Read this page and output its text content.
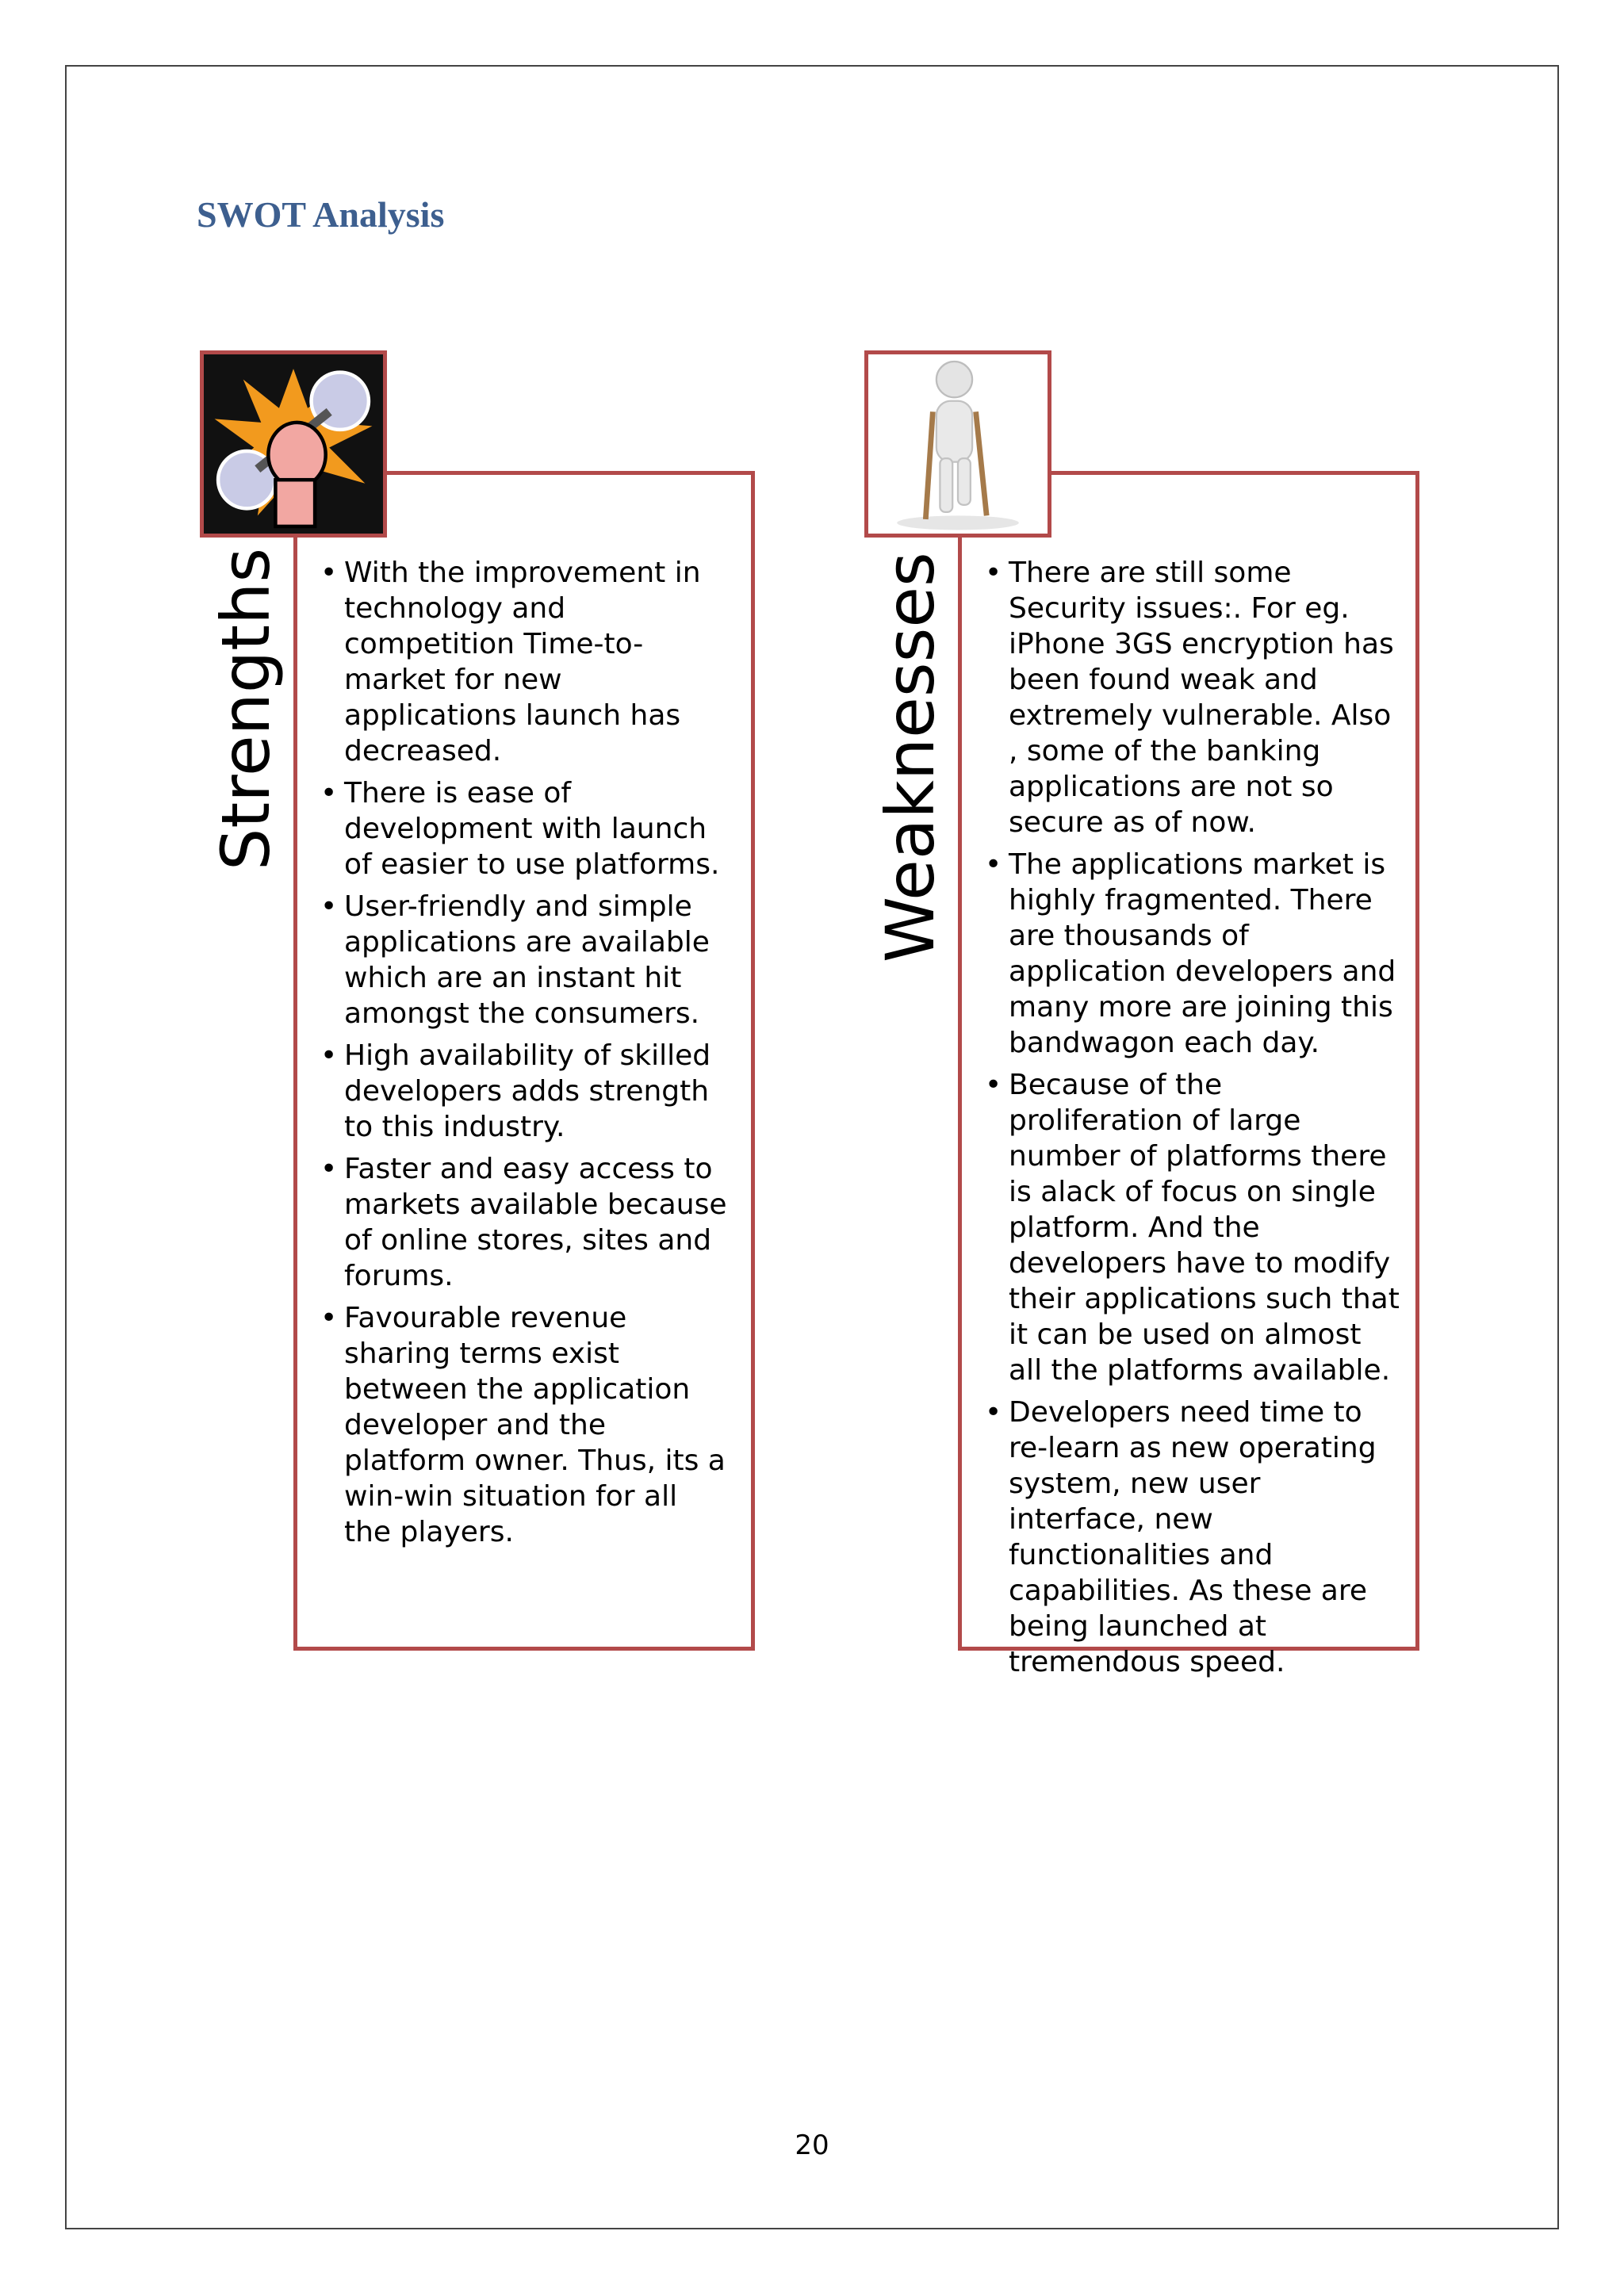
SWOT Analysis
Strengths	• With the improvement in technology and competition Time-to-market for new applications launch has decreased.
• There is ease of development with launch of easier to use platforms.
• User-friendly and simple applications are available which are an instant hit amongst the consumers.
• High availability of skilled developers adds strength to this industry.
• Faster and easy access to markets available because of online stores, sites and forums.
• Favourable revenue sharing terms exist between the application developer and the platform owner. Thus, its a win-win situation for all the players.
Weaknesses	• There are still some Security issues:. For eg. iPhone 3GS encryption has been found weak and extremely vulnerable. Also , some of the banking applications are not so secure as of now.
• The applications market is highly fragmented. There are thousands of application developers and many more are joining this bandwagon each day.
• Because of the proliferation of large number of platforms there is alack of focus on single platform. And the developers have to modify their applications such that it can be used on almost all the platforms available.
• Developers need time to re-learn as new operating system, new user interface, new functionalities and capabilities. As these are being launched at tremendous speed.
20
